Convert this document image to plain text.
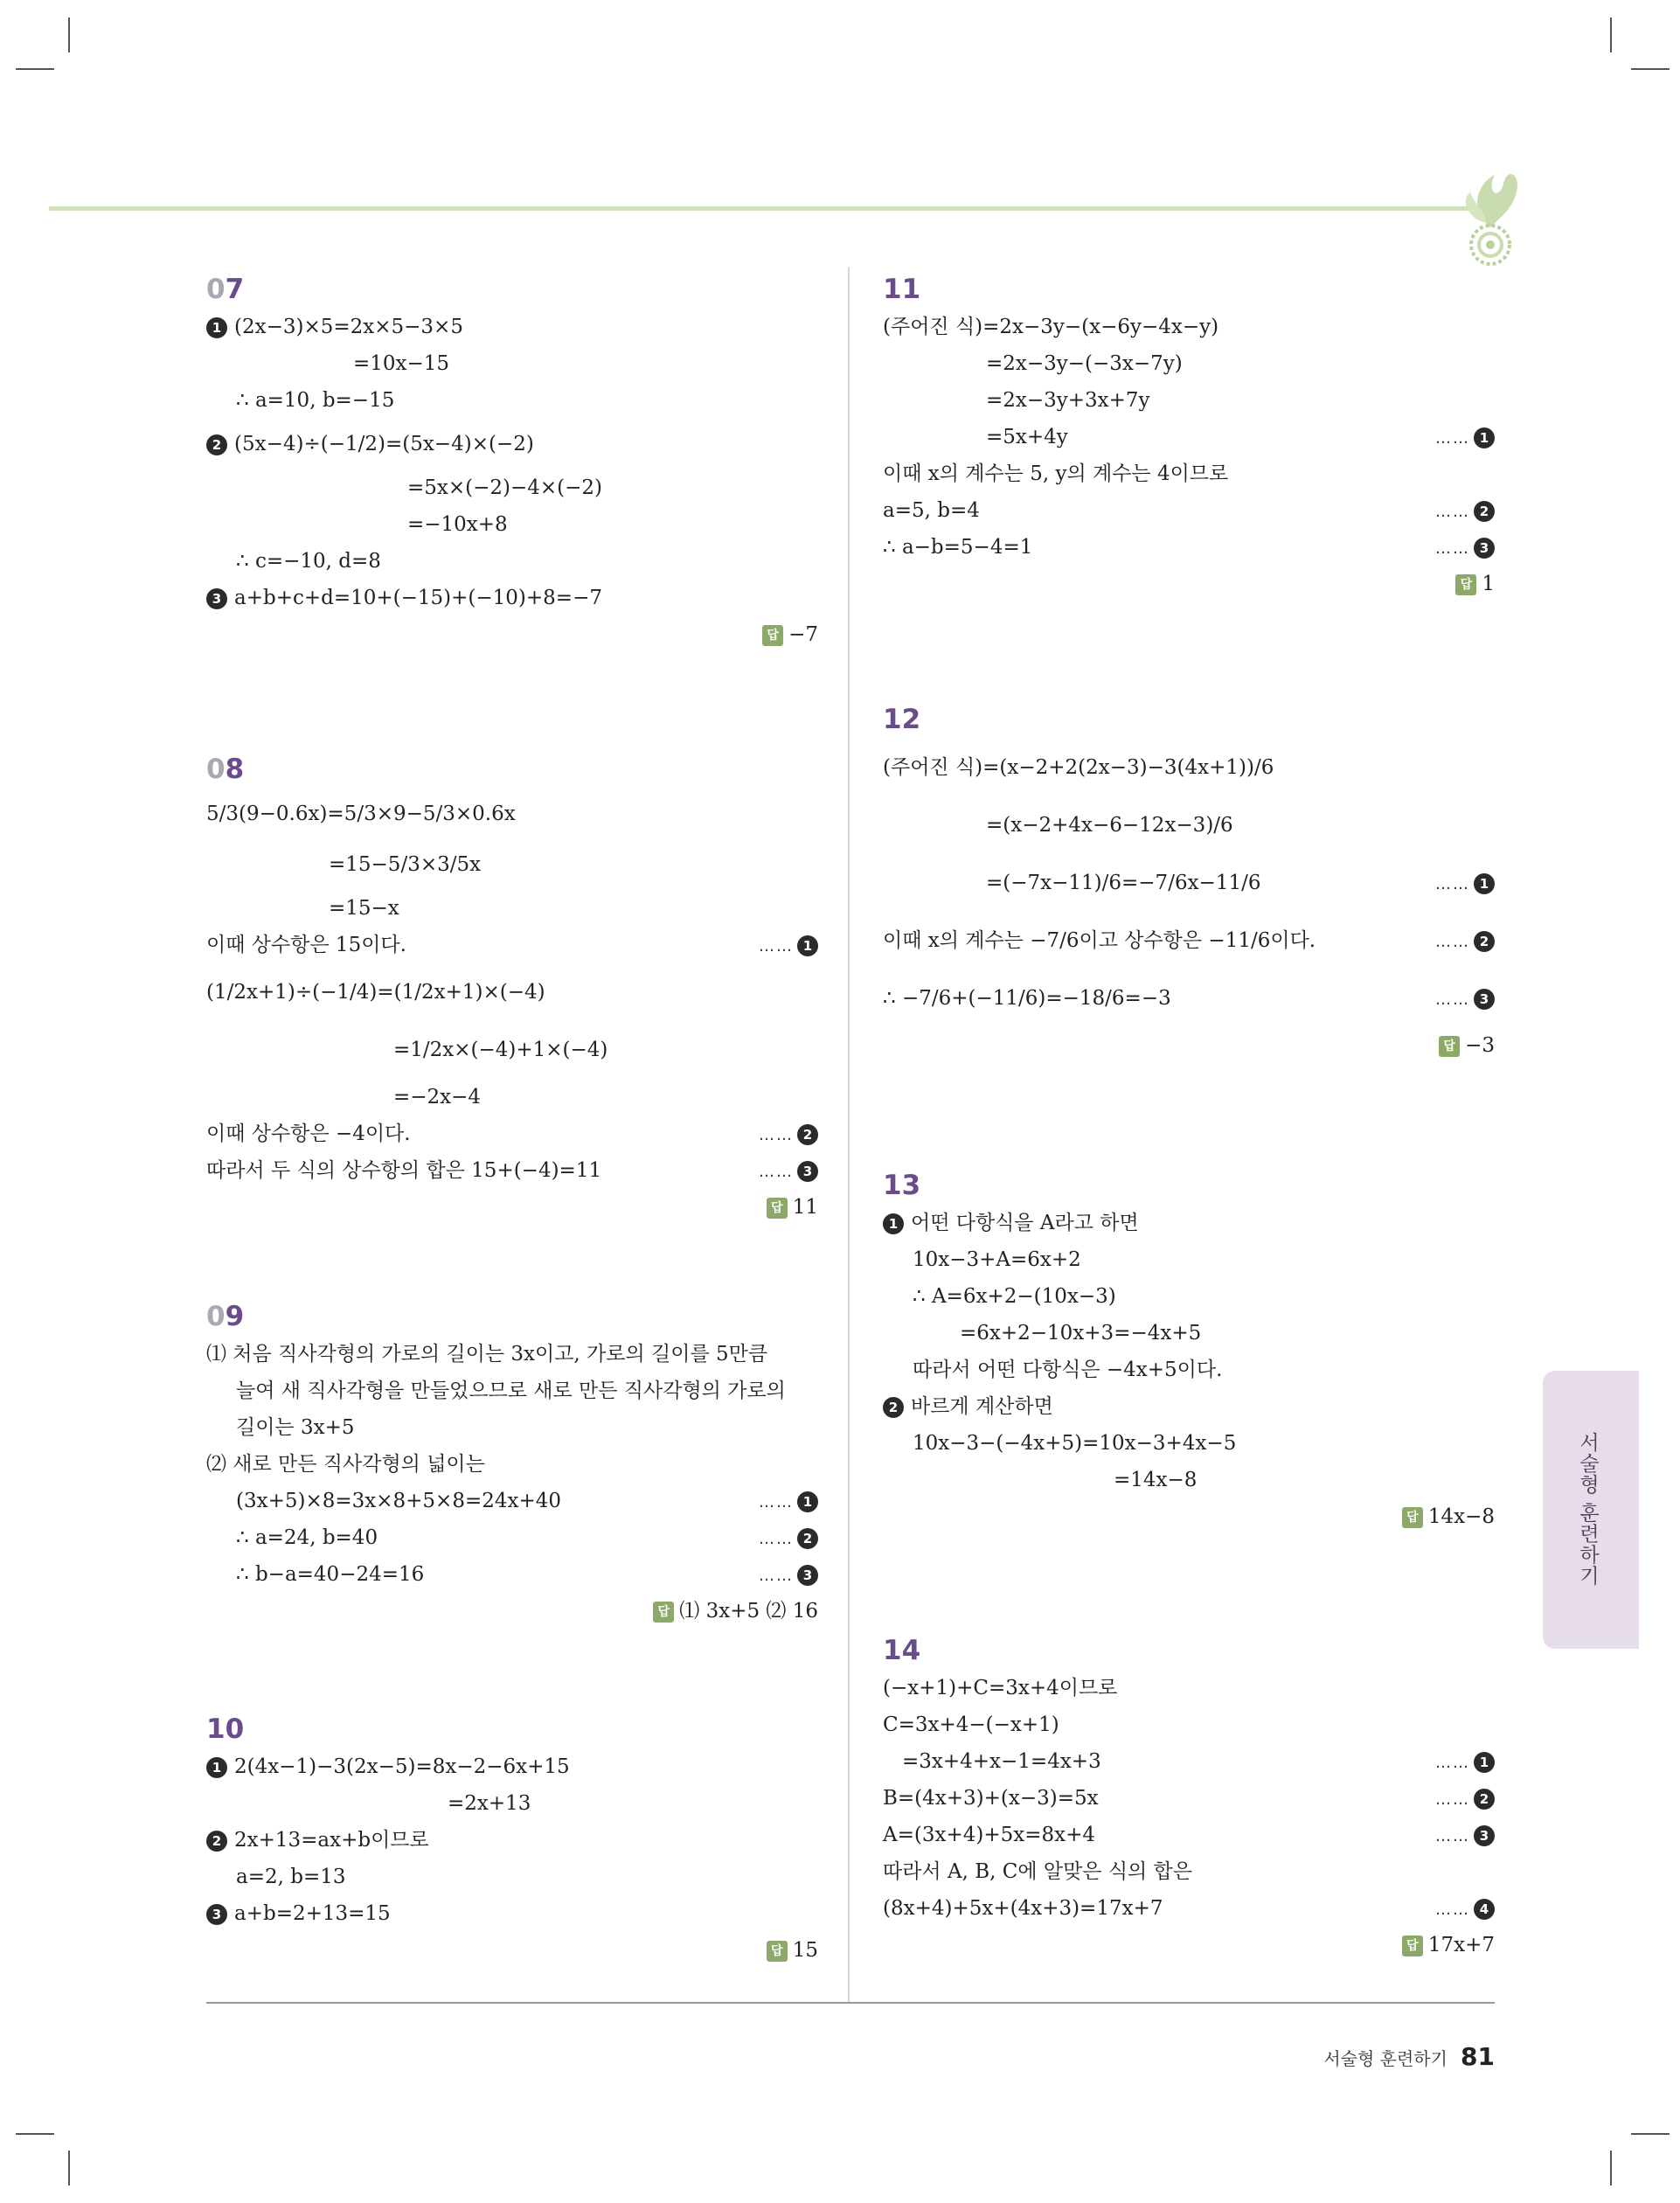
서술형 훈련하기
서술형 훈련하기 81
07
1 (2x−3)×5=2x×5−3×5
=10x−15
∴ a=10, b=−15
2 (5x−4)÷(−1/2)=(5x−4)×(−2)
=5x×(−2)−4×(−2)
=−10x+8
∴ c=−10, d=8
3 a+b+c+d=10+(−15)+(−10)+8=−7
답 −7
08
5/3(9−0.6x)=5/3×9−5/3×0.6x
=15−5/3×3/5x
=15−x
이때 상수항은 15이다.	…… 1
(1/2x+1)÷(−1/4)=(1/2x+1)×(−4)
=1/2x×(−4)+1×(−4)
=−2x−4
이때 상수항은 −4이다.	…… 2
따라서 두 식의 상수항의 합은 15+(−4)=11	…… 3
답 11
09
⑴ 처음 직사각형의 가로의 길이는 3x이고, 가로의 길이를 5만큼
늘여 새 직사각형을 만들었으므로 새로 만든 직사각형의 가로의
길이는 3x+5
⑵ 새로 만든 직사각형의 넓이는
(3x+5)×8=3x×8+5×8=24x+40	…… 1
∴ a=24, b=40	…… 2
∴ b−a=40−24=16	…… 3
답 ⑴ 3x+5 ⑵ 16
10
1 2(4x−1)−3(2x−5)=8x−2−6x+15
=2x+13
2 2x+13=ax+b이므로
a=2, b=13
3 a+b=2+13=15
답 15
11
(주어진 식)=2x−3y−(x−6y−4x−y)
=2x−3y−(−3x−7y)
=2x−3y+3x+7y
=5x+4y	…… 1
이때 x의 계수는 5, y의 계수는 4이므로
a=5, b=4	…… 2
∴ a−b=5−4=1	…… 3
답 1
12
(주어진 식)=(x−2+2(2x−3)−3(4x+1))/6
=(x−2+4x−6−12x−3)/6
=(−7x−11)/6=−7/6x−11/6	…… 1
이때 x의 계수는 −7/6이고 상수항은 −11/6이다.	…… 2
∴ −7/6+(−11/6)=−18/6=−3	…… 3
답 −3
13
1 어떤 다항식을 A라고 하면
10x−3+A=6x+2
∴ A=6x+2−(10x−3)
=6x+2−10x+3=−4x+5
따라서 어떤 다항식은 −4x+5이다.
2 바르게 계산하면
10x−3−(−4x+5)=10x−3+4x−5
=14x−8
답 14x−8
14
(−x+1)+C=3x+4이므로
C=3x+4−(−x+1)
=3x+4+x−1=4x+3	…… 1
B=(4x+3)+(x−3)=5x	…… 2
A=(3x+4)+5x=8x+4	…… 3
따라서 A, B, C에 알맞은 식의 합은
(8x+4)+5x+(4x+3)=17x+7	…… 4
답 17x+7
